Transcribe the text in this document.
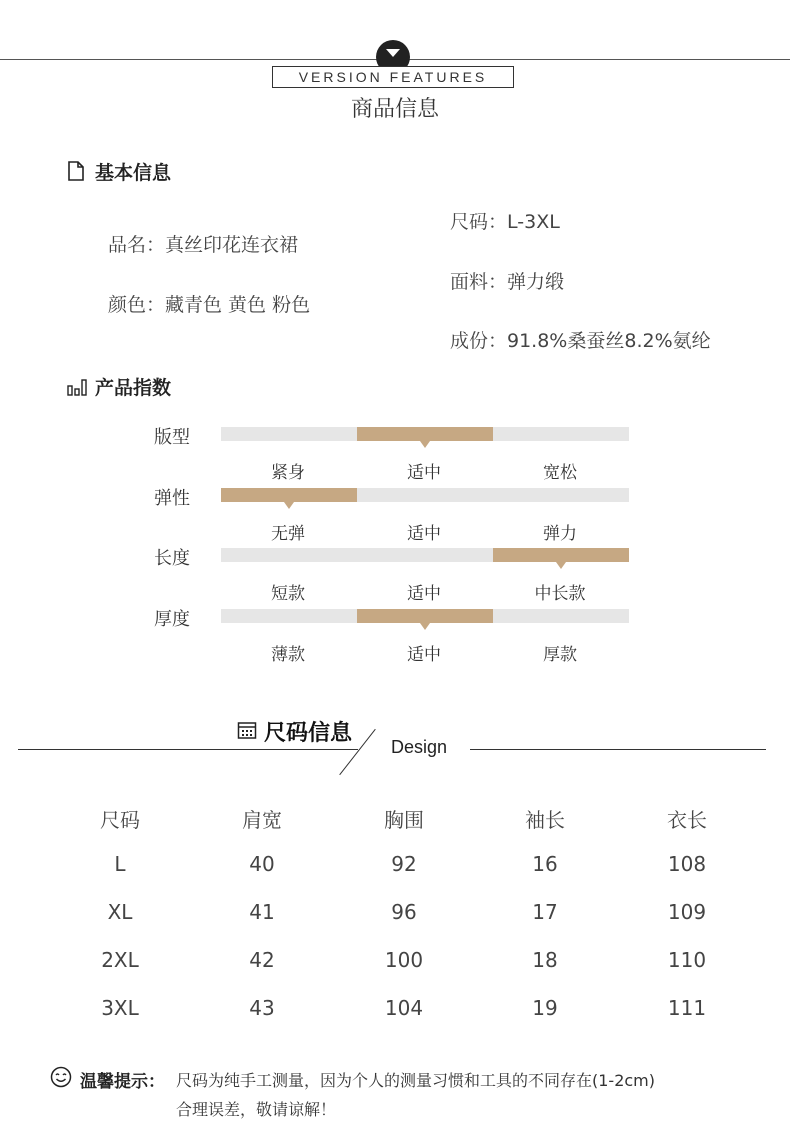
VERSION FEATURES
商品信息
基本信息
品名：真丝印花连衣裙
颜色：藏青色 黄色 粉色
尺码：L-3XL
面料：弹力缎
成份：91.8%桑蚕丝8.2%氨纶
产品指数
版型
紧身	适中	宽松
弹性
无弹	适中	弹力
长度
短款	适中	中长款
厚度
薄款	适中	厚款
尺码信息
Design
尺码	肩宽	胸围	袖长	衣长
L	40	92	16	108
XL	41	96	17	109
2XL	42	100	18	110
3XL	43	104	19	111
温馨提示： 尺码为纯手工测量，因为个人的测量习惯和工具的不同存在(1-2cm)
合理误差，敬请谅解！
